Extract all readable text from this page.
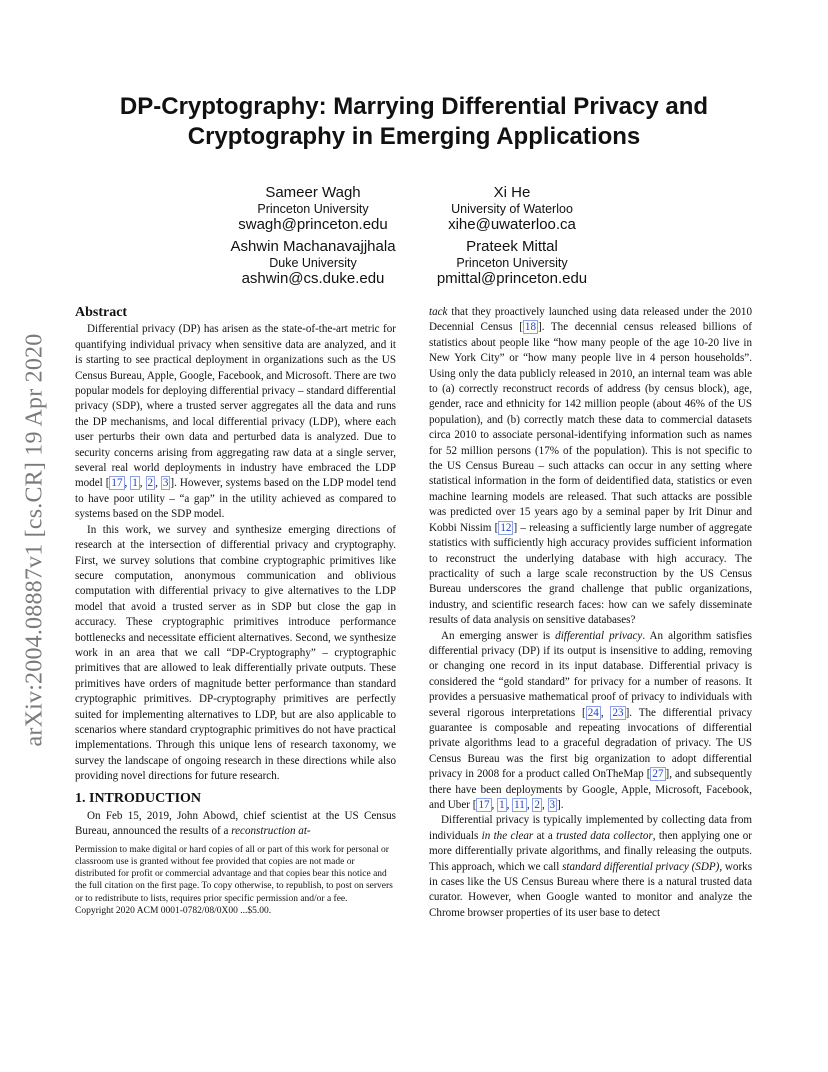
arXiv:2004.08887v1 [cs.CR] 19 Apr 2020
DP-Cryptography: Marrying Differential Privacy and
Cryptography in Emerging Applications
Sameer Wagh
Princeton University
swagh@princeton.edu
Xi He
University of Waterloo
xihe@uwaterloo.ca
Ashwin Machanavajjhala
Duke University
ashwin@cs.duke.edu
Prateek Mittal
Princeton University
pmittal@princeton.edu
Abstract

Differential privacy (DP) has arisen as the state-of-the-art metric for quantifying individual privacy when sensitive data are analyzed, and it is starting to see practical deployment in organizations such as the US Census Bureau, Apple, Google, Facebook, and Microsoft. There are two popular models for deploying differential privacy – standard differential privacy (SDP), where a trusted server aggregates all the data and runs the DP mechanisms, and local differential privacy (LDP), where each user perturbs their own data and perturbed data is analyzed. Due to security concerns arising from aggregating raw data at a single server, several real world deployments in industry have embraced the LDP model [ 17 , 1 , 2 , 3 ]. However, systems based on the LDP model tend to have poor utility – “a gap” in the utility achieved as compared to systems based on the SDP model.

In this work, we survey and synthesize emerging directions of research at the intersection of differential privacy and cryptography. First, we survey solutions that combine cryptographic primitives like secure computation, anonymous communication and oblivious computation with differential privacy to give alternatives to the LDP model that avoid a trusted server as in SDP but close the gap in accuracy. These cryptographic primitives introduce performance bottlenecks and necessitate efficient alternatives. Second, we synthesize work in an area that we call “DP-Cryptography” – cryptographic primitives that are allowed to leak differentially private outputs. These primitives have orders of magnitude better performance than standard cryptographic primitives. DP-cryptography primitives are perfectly suited for implementing alternatives to LDP, but are also applicable to scenarios where standard cryptographic primitives do not have practical implementations. Through this unique lens of research taxonomy, we survey the landscape of ongoing research in these directions while also providing novel directions for future research.

1. INTRODUCTION

On Feb 15, 2019, John Abowd, chief scientist at the US Census Bureau, announced the results of a reconstruction at-

Permission to make digital or hard copies of all or part of this work for personal or classroom use is granted without fee provided that copies are not made or distributed for profit or commercial advantage and that copies bear this notice and the full citation on the first page. To copy otherwise, to republish, to post on servers or to redistribute to lists, requires prior specific permission and/or a fee.

Copyright 2020 ACM 0001-0782/08/0X00 ...$5.00.

tack that they proactively launched using data released under the 2010 Decennial Census [ 18 ]. The decennial census released billions of statistics about people like “how many people of the age 10-20 live in New York City” or “how many people live in 4 person households”. Using only the data publicly released in 2010, an internal team was able to (a) correctly reconstruct records of address (by census block), age, gender, race and ethnicity for 142 million people (about 46% of the US population), and (b) correctly match these data to commercial datasets circa 2010 to associate personal-identifying information such as names for 52 million persons (17% of the population). This is not specific to the US Census Bureau – such attacks can occur in any setting where statistical information in the form of deidentified data, statistics or even machine learning models are released. That such attacks are possible was predicted over 15 years ago by a seminal paper by Irit Dinur and Kobbi Nissim [ 12 ] – releasing a sufficiently large number of aggregate statistics with sufficiently high accuracy provides sufficient information to reconstruct the underlying database with high accuracy. The practicality of such a large scale reconstruction by the US Census Bureau underscores the grand challenge that public organizations, industry, and scientific research faces: how can we safely disseminate results of data analysis on sensitive databases?

An emerging answer is differential privacy. An algorithm satisfies differential privacy (DP) if its output is insensitive to adding, removing or changing one record in its input database. Differential privacy is considered the “gold standard” for privacy for a number of reasons. It provides a persuasive mathematical proof of privacy to individuals with several rigorous interpretations [ 24 , 23 ]. The differential privacy guarantee is composable and repeating invocations of differential private algorithms lead to a graceful degradation of privacy. The US Census Bureau was the first big organization to adopt differential privacy in 2008 for a product called OnTheMap [ 27 ], and subsequently there have been deployments by Google, Apple, Microsoft, Facebook, and Uber [ 17 , 1 , 11 , 2 , 3 ].

Differential privacy is typically implemented by collecting data from individuals in the clear at a trusted data collector, then applying one or more differentially private algorithms, and finally releasing the outputs. This approach, which we call standard differential privacy (SDP), works in cases like the US Census Bureau where there is a natural trusted data curator. However, when Google wanted to monitor and analyze the Chrome browser properties of its user base to detect
